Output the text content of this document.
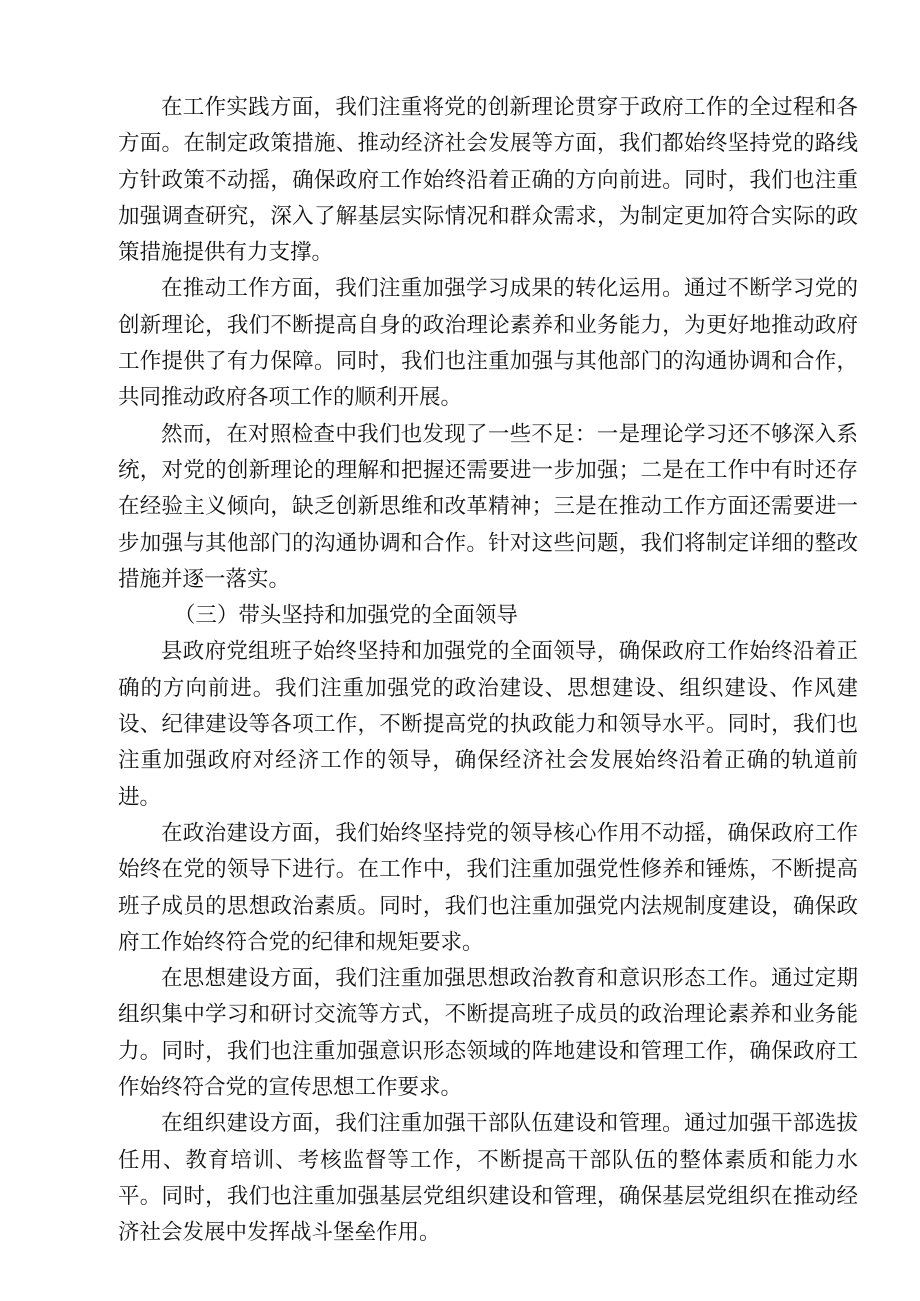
在工作实践方面，我们注重将党的创新理论贯穿于政府工作的全过程和各方面。在制定政策措施、推动经济社会发展等方面，我们都始终坚持党的路线方针政策不动摇，确保政府工作始终沿着正确的方向前进。同时，我们也注重加强调查研究，深入了解基层实际情况和群众需求，为制定更加符合实际的政策措施提供有力支撑。

在推动工作方面，我们注重加强学习成果的转化运用。通过不断学习党的创新理论，我们不断提高自身的政治理论素养和业务能力，为更好地推动政府工作提供了有力保障。同时，我们也注重加强与其他部门的沟通协调和合作，共同推动政府各项工作的顺利开展。

然而，在对照检查中我们也发现了一些不足：一是理论学习还不够深入系统，对党的创新理论的理解和把握还需要进一步加强；二是在工作中有时还存在经验主义倾向，缺乏创新思维和改革精神；三是在推动工作方面还需要进一步加强与其他部门的沟通协调和合作。针对这些问题，我们将制定详细的整改措施并逐一落实。

（三）带头坚持和加强党的全面领导

县政府党组班子始终坚持和加强党的全面领导，确保政府工作始终沿着正确的方向前进。我们注重加强党的政治建设、思想建设、组织建设、作风建设、纪律建设等各项工作，不断提高党的执政能力和领导水平。同时，我们也注重加强政府对经济工作的领导，确保经济社会发展始终沿着正确的轨道前进。

在政治建设方面，我们始终坚持党的领导核心作用不动摇，确保政府工作始终在党的领导下进行。在工作中，我们注重加强党性修养和锤炼，不断提高班子成员的思想政治素质。同时，我们也注重加强党内法规制度建设，确保政府工作始终符合党的纪律和规矩要求。

在思想建设方面，我们注重加强思想政治教育和意识形态工作。通过定期组织集中学习和研讨交流等方式，不断提高班子成员的政治理论素养和业务能力。同时，我们也注重加强意识形态领域的阵地建设和管理工作，确保政府工作始终符合党的宣传思想工作要求。

在组织建设方面，我们注重加强干部队伍建设和管理。通过加强干部选拔任用、教育培训、考核监督等工作，不断提高干部队伍的整体素质和能力水平。同时，我们也注重加强基层党组织建设和管理，确保基层党组织在推动经济社会发展中发挥战斗堡垒作用。
